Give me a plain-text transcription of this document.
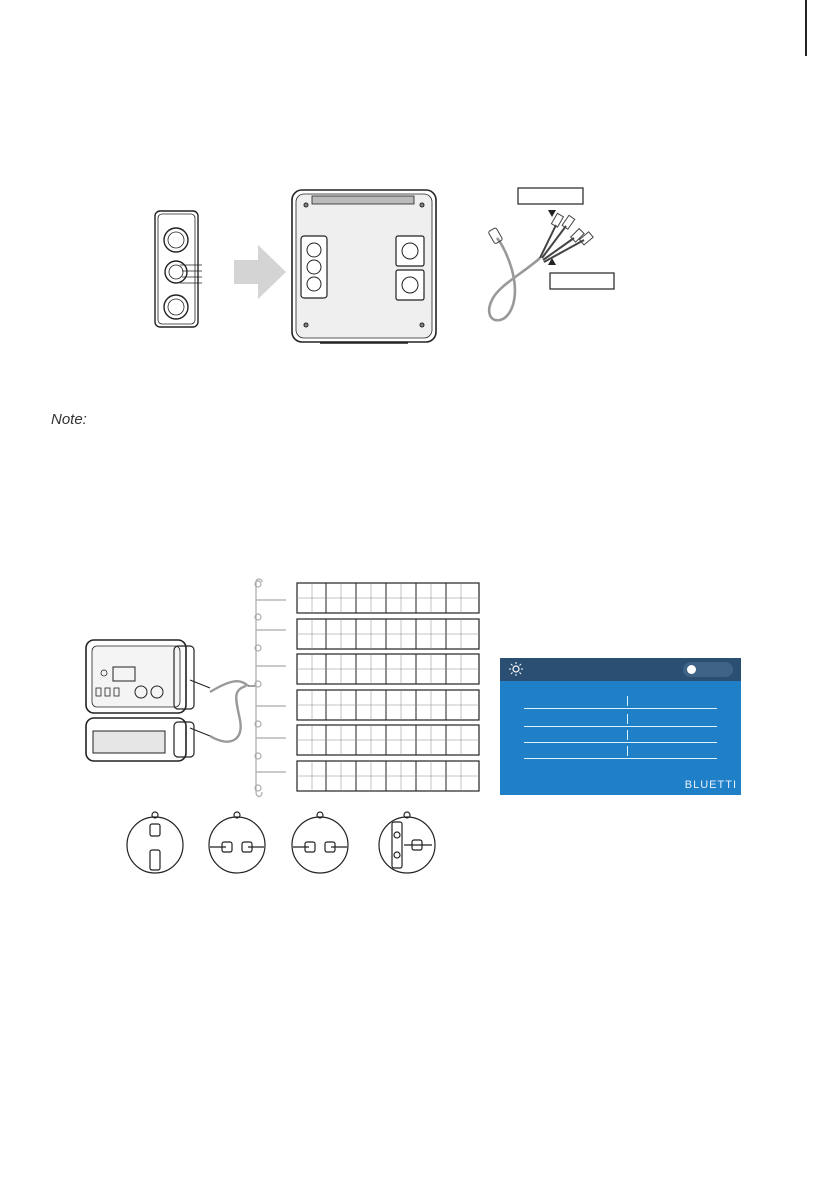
Note:
BLUETTI
